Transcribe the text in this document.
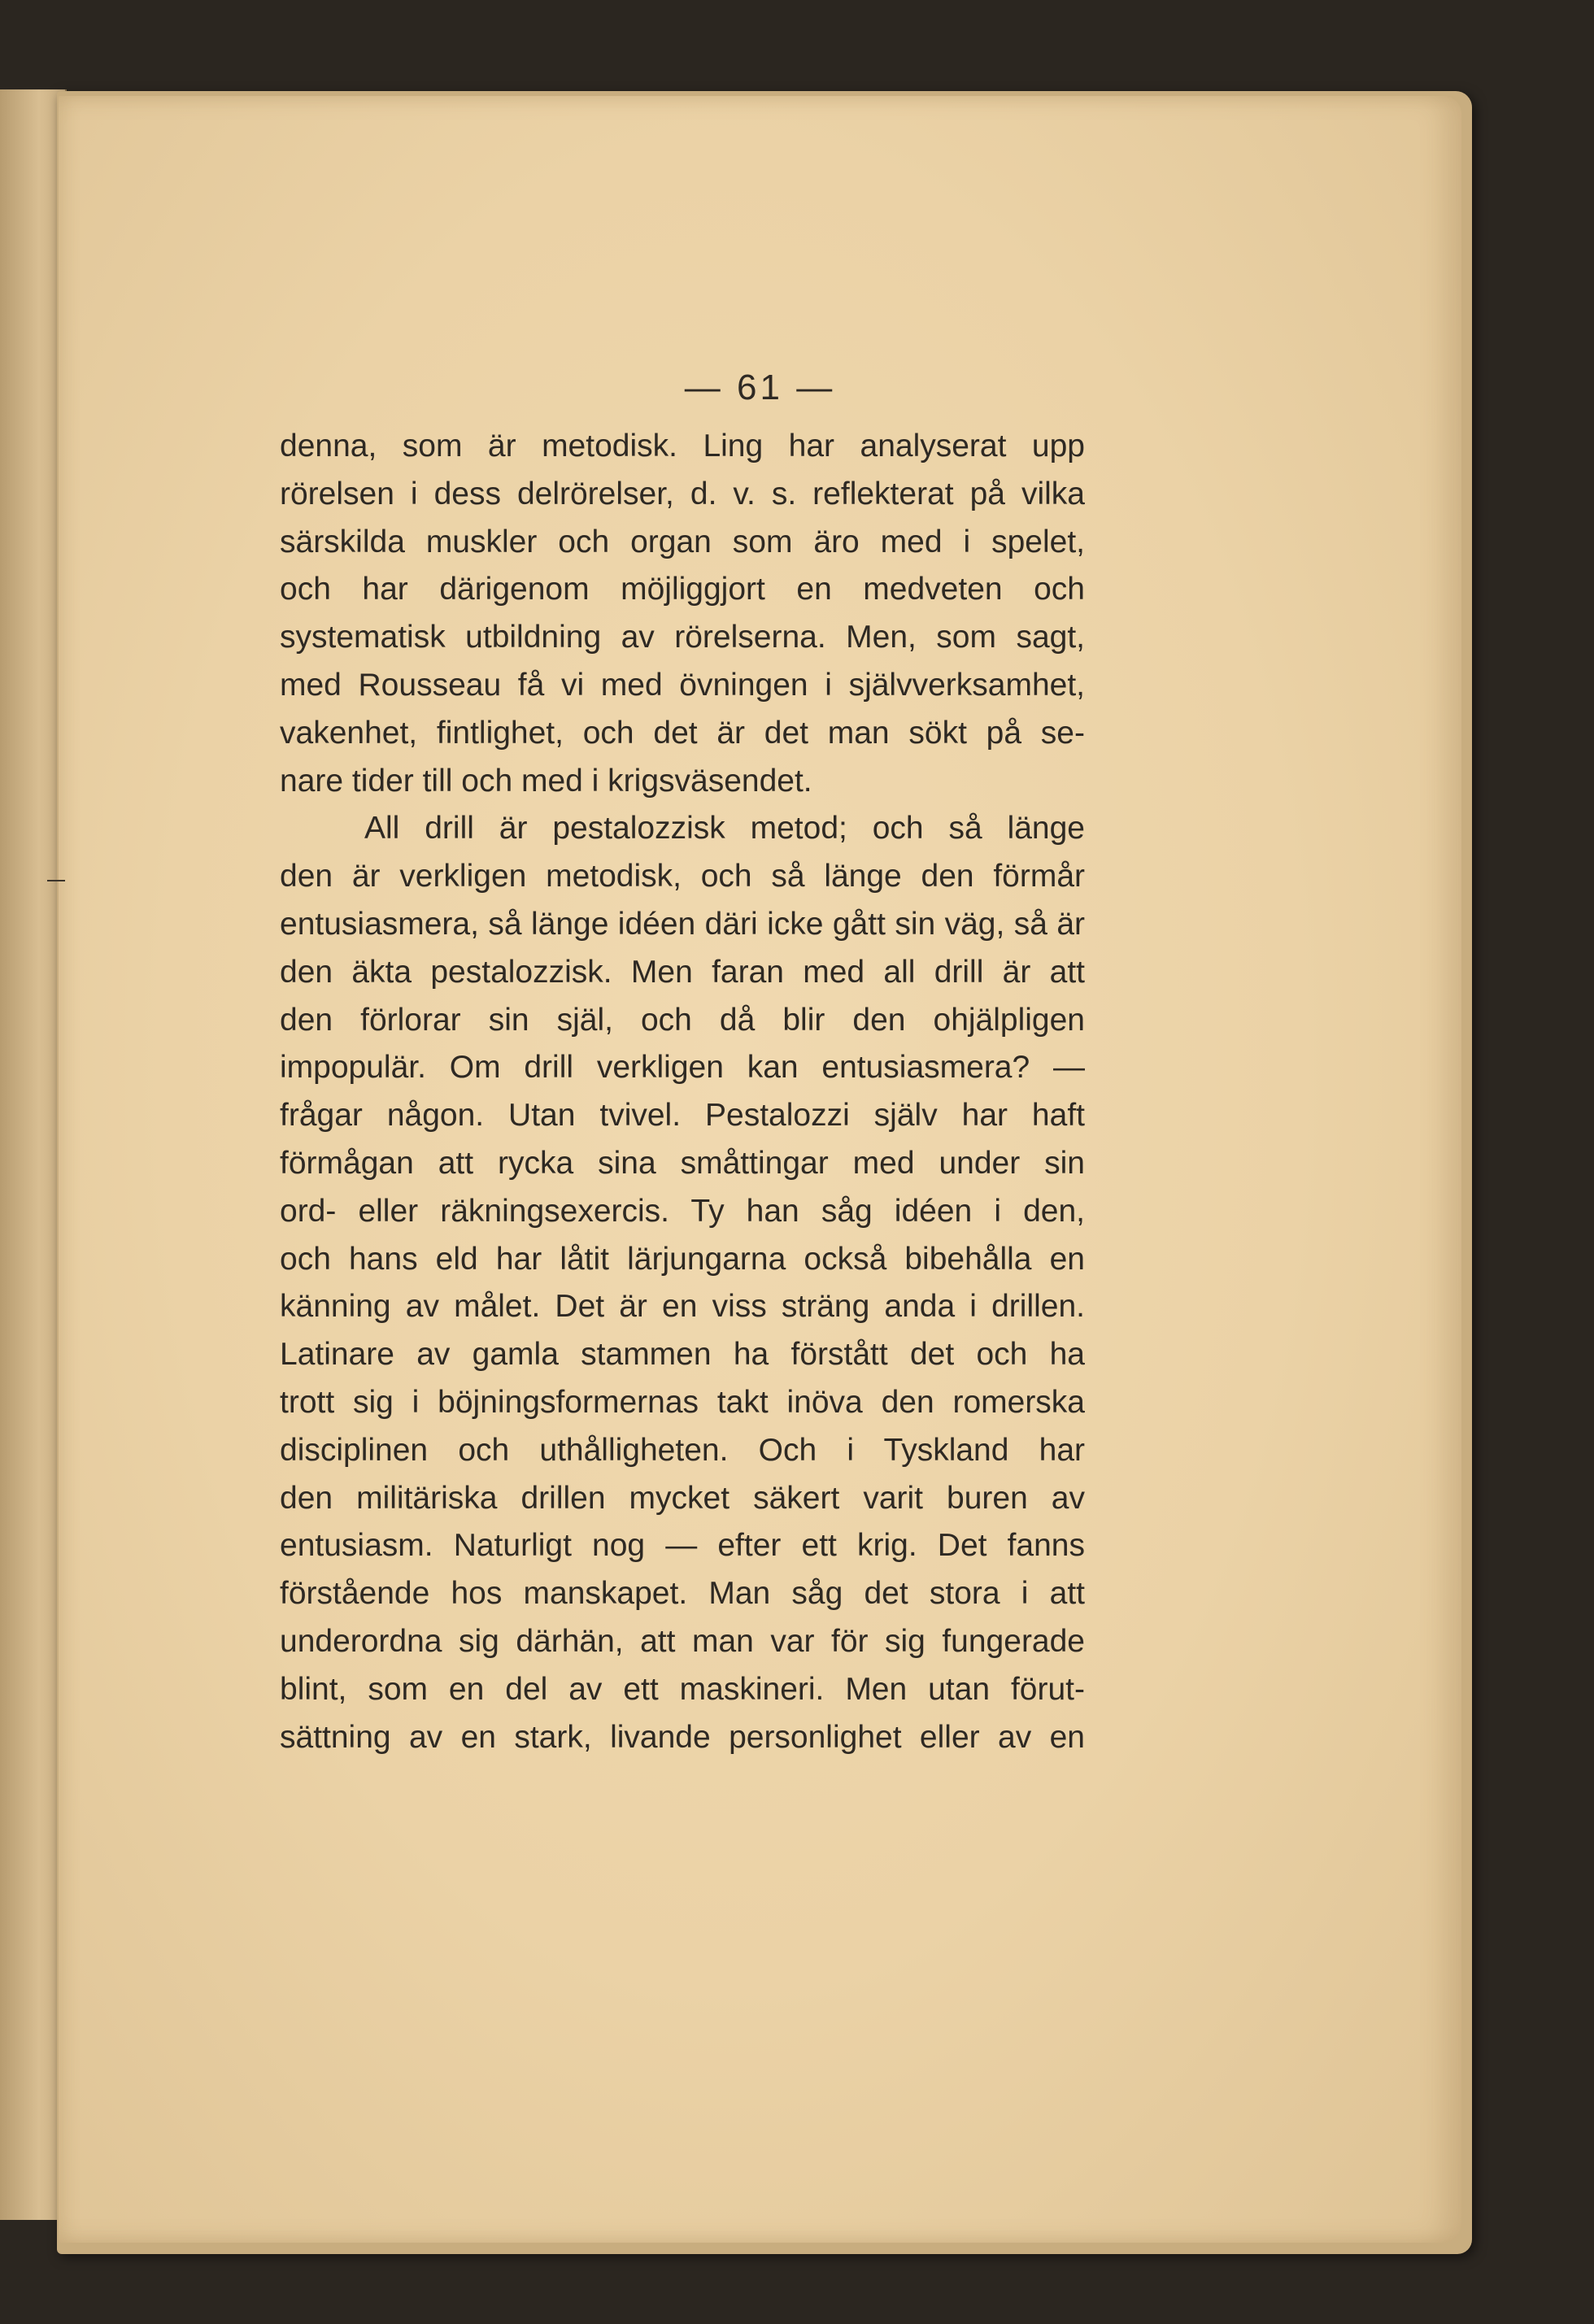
— 61 —

denna, som är metodisk. Ling har analyserat upp
rörelsen i dess delrörelser, d. v. s. reflekterat på vilka
särskilda muskler och organ som äro med i spelet,
och har därigenom möjliggjort en medveten och
systematisk utbildning av rörelserna. Men, som sagt,
med Rousseau få vi med övningen i självverksamhet,
vakenhet, fintlighet, och det är det man sökt på se-
nare tider till och med i krigsväsendet.
All drill är pestalozzisk metod; och så länge
den är verkligen metodisk, och så länge den förmår
entusiasmera, så länge idéen däri icke gått sin väg, så är
den äkta pestalozzisk. Men faran med all drill är att
den förlorar sin själ, och då blir den ohjälpligen
impopulär. Om drill verkligen kan entusiasmera? —
frågar någon. Utan tvivel. Pestalozzi själv har haft
förmågan att rycka sina småttingar med under sin
ord- eller räkningsexercis. Ty han såg idéen i den,
och hans eld har låtit lärjungarna också bibehålla en
känning av målet. Det är en viss sträng anda i drillen.
Latinare av gamla stammen ha förstått det och ha
trott sig i böjningsformernas takt inöva den romerska
disciplinen och uthålligheten. Och i Tyskland har
den militäriska drillen mycket säkert varit buren av
entusiasm. Naturligt nog — efter ett krig. Det fanns
förstående hos manskapet. Man såg det stora i att
underordna sig därhän, att man var för sig fungerade
blint, som en del av ett maskineri. Men utan förut-
sättning av en stark, livande personlighet eller av en
